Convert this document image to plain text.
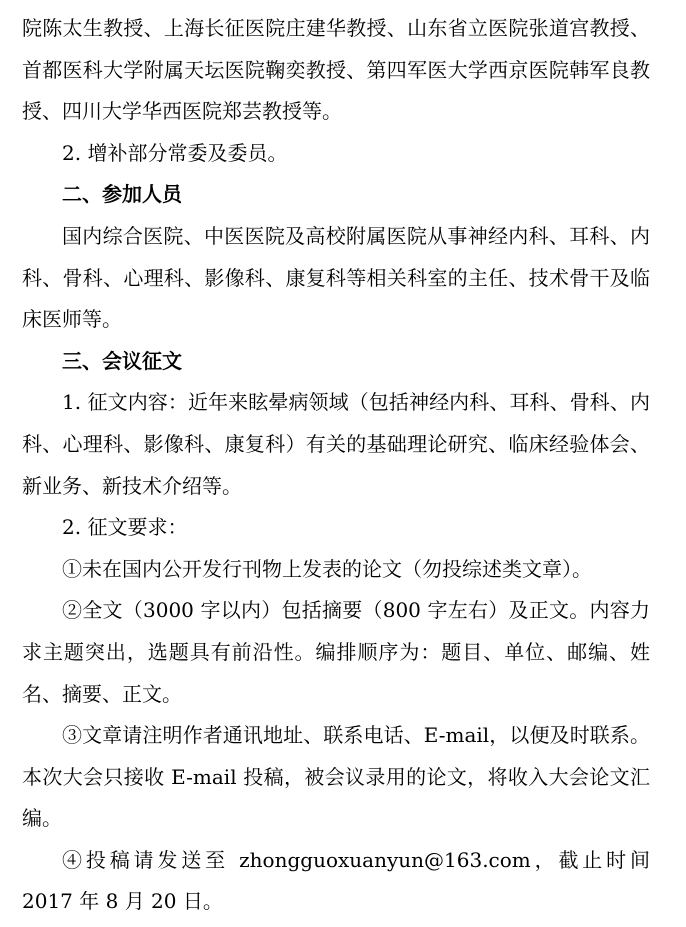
院陈太生教授、上海长征医院庄建华教授、山东省立医院张道宫教授、首都医科大学附属天坛医院鞠奕教授、第四军医大学西京医院韩军良教授、四川大学华西医院郑芸教授等。

2. 增补部分常委及委员。

二、参加人员

国内综合医院、中医医院及高校附属医院从事神经内科、耳科、内科、骨科、心理科、影像科、康复科等相关科室的主任、技术骨干及临床医师等。

三、会议征文

1. 征文内容：近年来眩晕病领域（包括神经内科、耳科、骨科、内科、心理科、影像科、康复科）有关的基础理论研究、临床经验体会、新业务、新技术介绍等。

2. 征文要求：

①未在国内公开发行刊物上发表的论文（勿投综述类文章）。

②全文（3000 字以内）包括摘要（800 字左右）及正文。内容力求主题突出，选题具有前沿性。编排顺序为：题目、单位、邮编、姓名、摘要、正文。

③文章请注明作者通讯地址、联系电话、E-mail，以便及时联系。本次大会只接收 E-mail 投稿，被会议录用的论文，将收入大会论文汇编。

④投稿请发送至 zhongguoxuanyun@163.com，截止时间 2017 年 8 月 20 日。
